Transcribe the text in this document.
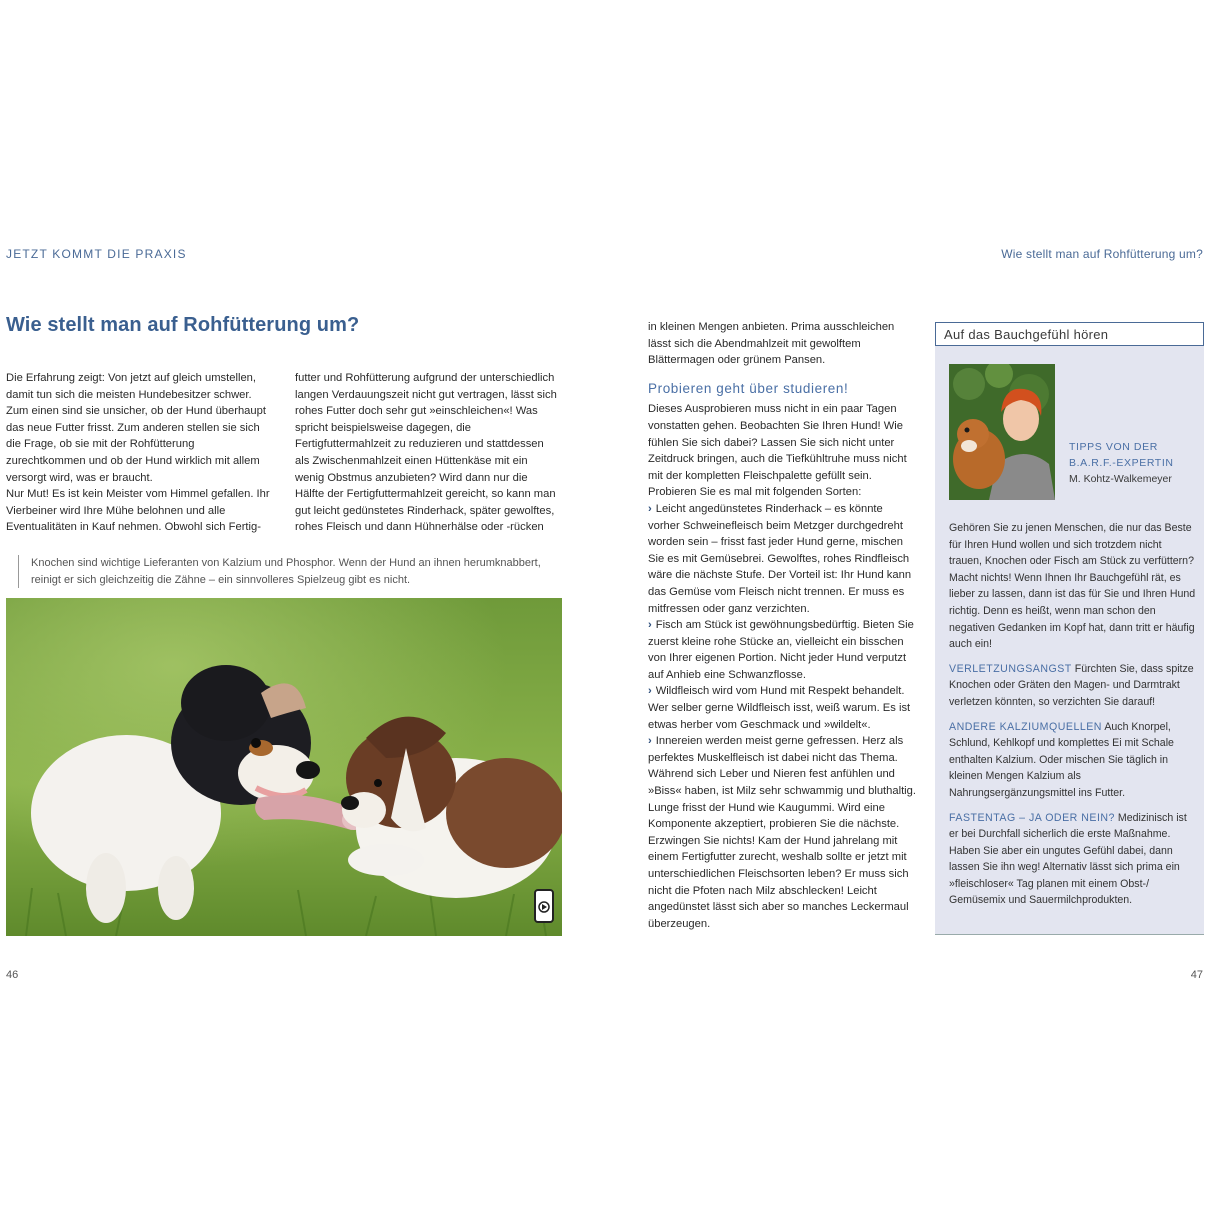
JETZT KOMMT DIE PRAXIS	Wie stellt man auf Rohfütterung um?
Wie stellt man auf Rohfütterung um?

Die Erfahrung zeigt: Von jetzt auf gleich umstellen, damit tun sich die meisten Hundebesitzer schwer. Zum einen sind sie unsicher, ob der Hund überhaupt das neue Futter frisst. Zum anderen stellen sie sich die Frage, ob sie mit der Rohfütterung zurechtkommen und ob der Hund wirklich mit allem versorgt wird, was er braucht.

Nur Mut! Es ist kein Meister vom Himmel gefallen. Ihr Vierbeiner wird Ihre Mühe belohnen und alle Eventualitäten in Kauf nehmen. Obwohl sich Fertig-

futter und Rohfütterung aufgrund der unterschiedlich langen Verdauungszeit nicht gut vertragen, lässt sich rohes Futter doch sehr gut »einschleichen«! Was spricht beispielsweise dagegen, die Fertigfuttermahlzeit zu reduzieren und stattdessen als Zwischenmahlzeit einen Hüttenkäse mit ein wenig Obstmus anzubieten? Wird dann nur die Hälfte der Fertigfuttermahlzeit gereicht, so kann man gut leicht gedünstetes Rinderhack, später gewolftes, rohes Fleisch und dann Hühnerhälse oder -rücken

Knochen sind wichtige Lieferanten von Kalzium und Phosphor. Wenn der Hund an ihnen herumknabbert, reinigt er sich gleichzeitig die Zähne – ein sinnvolleres Spielzeug gibt es nicht.

in kleinen Mengen anbieten. Prima ausschleichen lässt sich die Abendmahlzeit mit gewolftem Blättermagen oder grünem Pansen.

Probieren geht über studieren!

Dieses Ausprobieren muss nicht in ein paar Tagen vonstatten gehen. Beobachten Sie Ihren Hund! Wie fühlen Sie sich dabei? Lassen Sie sich nicht unter Zeitdruck bringen, auch die Tiefkühltruhe muss nicht mit der kompletten Fleischpalette gefüllt sein. Probieren Sie es mal mit folgenden Sorten:

› Leicht angedünstetes Rinderhack – es könnte vorher Schweinefleisch beim Metzger durchgedreht worden sein – frisst fast jeder Hund gerne, mischen Sie es mit Gemüsebrei. Gewolftes, rohes Rindfleisch wäre die nächste Stufe. Der Vorteil ist: Ihr Hund kann das Gemüse vom Fleisch nicht trennen. Er muss es mitfressen oder ganz verzichten.

› Fisch am Stück ist gewöhnungsbedürftig. Bieten Sie zuerst kleine rohe Stücke an, vielleicht ein bisschen von Ihrer eigenen Portion. Nicht jeder Hund verputzt auf Anhieb eine Schwanzflosse.

› Wildfleisch wird vom Hund mit Respekt behandelt. Wer selber gerne Wildfleisch isst, weiß warum. Es ist etwas herber vom Geschmack und »wildelt«.

› Innereien werden meist gerne gefressen. Herz als perfektes Muskelfleisch ist dabei nicht das Thema. Während sich Leber und Nieren fest anfühlen und »Biss« haben, ist Milz sehr schwammig und bluthaltig. Lunge frisst der Hund wie Kaugummi. Wird eine Komponente akzeptiert, probieren Sie die nächste. Erzwingen Sie nichts! Kam der Hund jahrelang mit einem Fertigfutter zurecht, weshalb sollte er jetzt mit unterschiedlichen Fleischsorten leben? Er muss sich nicht die Pfoten nach Milz abschlecken! Leicht angedünstet lässt sich aber so manches Leckermaul überzeugen.

Auf das Bauchgefühl hören
TIPPS VON DER
B.A.R.F.-EXPERTIN
M. Kohtz-Walkemeyer

Gehören Sie zu jenen Menschen, die nur das Beste für Ihren Hund wollen und sich trotzdem nicht trauen, Knochen oder Fisch am Stück zu verfüttern? Macht nichts! Wenn Ihnen Ihr Bauchgefühl rät, es lieber zu lassen, dann ist das für Sie und Ihren Hund richtig. Denn es heißt, wenn man schon den negativen Gedanken im Kopf hat, dann tritt er häufig auch ein!

VERLETZUNGSANGST Fürchten Sie, dass spitze Knochen oder Gräten den Magen- und Darmtrakt verletzen könnten, so verzichten Sie darauf!

ANDERE KALZIUMQUELLEN Auch Knorpel, Schlund, Kehlkopf und komplettes Ei mit Schale enthalten Kalzium. Oder mischen Sie täglich in kleinen Mengen Kalzium als Nahrungsergänzungsmittel ins Futter.

FASTENTAG – JA ODER NEIN? Medizinisch ist er bei Durchfall sicherlich die erste Maßnahme. Haben Sie aber ein ungutes Gefühl dabei, dann lassen Sie ihn weg! Alternativ lässt sich prima ein »fleischloser« Tag planen mit einem Obst-/ Gemüsemix und Sauermilchprodukten.

46	47
